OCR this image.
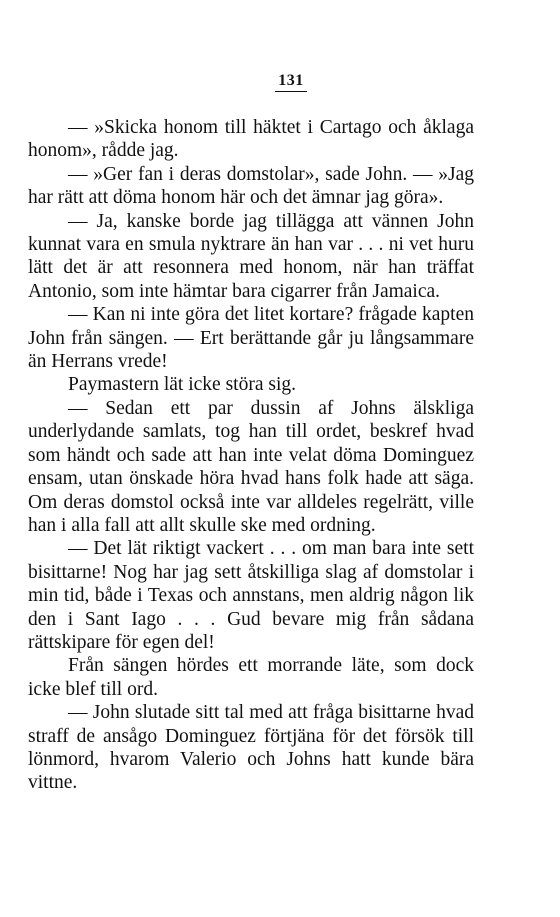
131

— »Skicka honom till häktet i Cartago och åklaga honom», rådde jag.

— »Ger fan i deras domstolar», sade John. — »Jag har rätt att döma honom här och det ämnar jag göra».

— Ja, kanske borde jag tillägga att vännen John kunnat vara en smula nyktrare än han var . . . ni vet huru lätt det är att resonnera med honom, när han träffat Antonio, som inte hämtar bara cigarrer från Jamaica.

— Kan ni inte göra det litet kortare? frågade kapten John från sängen. — Ert berättande går ju långsammare än Herrans vrede!

Paymastern lät icke störa sig.

— Sedan ett par dussin af Johns älskliga underlydande samlats, tog han till ordet, beskref hvad som händt och sade att han inte velat döma Dominguez ensam, utan önskade höra hvad hans folk hade att säga. Om deras domstol också inte var alldeles regelrätt, ville han i alla fall att allt skulle ske med ordning.

— Det lät riktigt vackert . . . om man bara inte sett bisittarne! Nog har jag sett åtskilliga slag af domstolar i min tid, både i Texas och annstans, men aldrig någon lik den i Sant Iago . . . Gud bevare mig från sådana rättskipare för egen del!

Från sängen hördes ett morrande läte, som dock icke blef till ord.

— John slutade sitt tal med att fråga bisittarne hvad straff de ansågo Dominguez förtjäna för det försök till lönmord, hvarom Valerio och Johns hatt kunde bära vittne.
